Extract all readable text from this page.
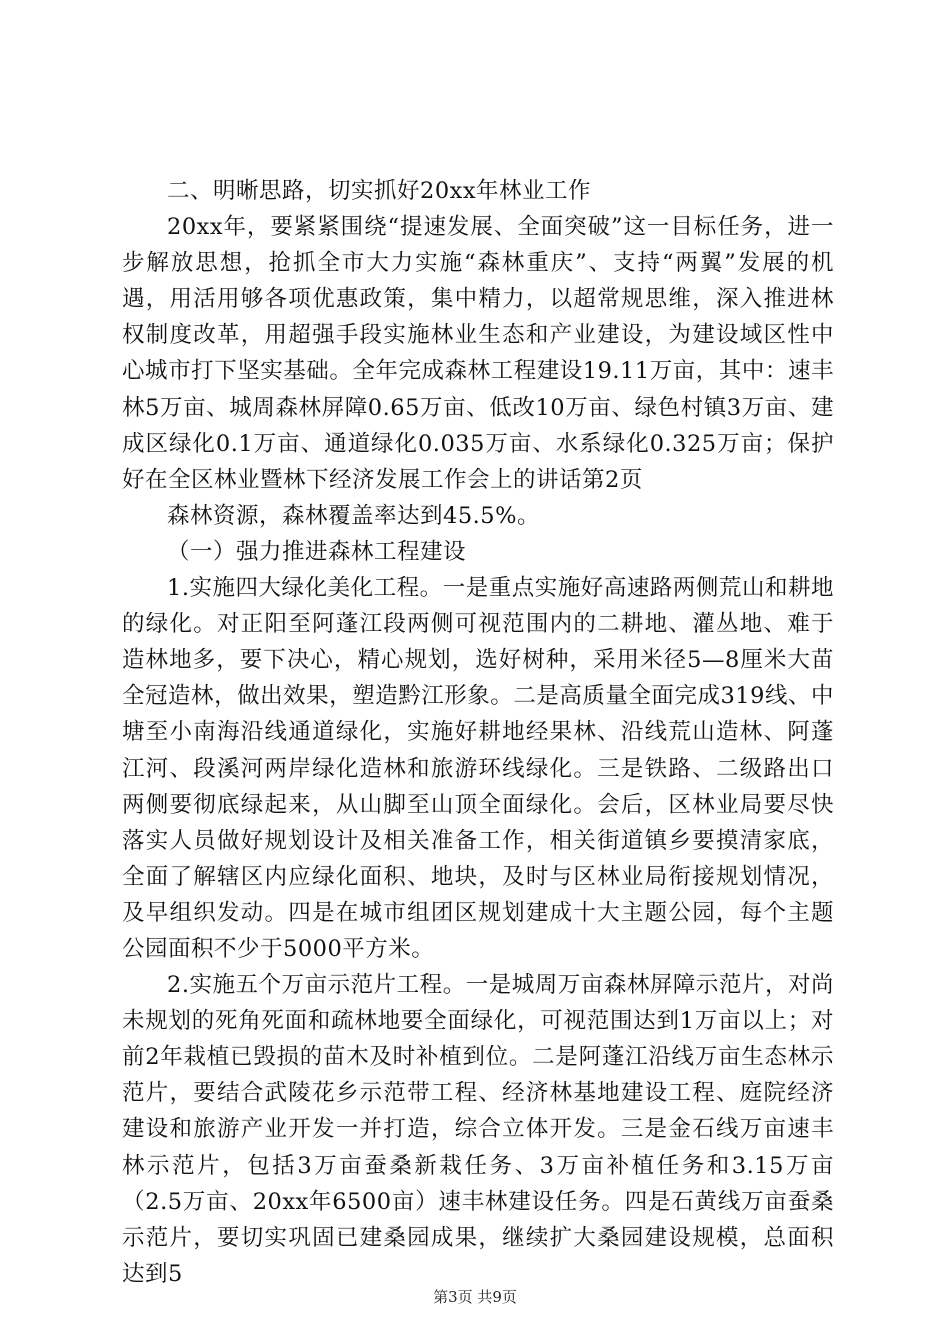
二、明晰思路，切实抓好20xx年林业工作

20xx年，要紧紧围绕“提速发展、全面突破”这一目标任务，进一步解放思想，抢抓全市大力实施“森林重庆”、支持“两翼”发展的机遇，用活用够各项优惠政策，集中精力，以超常规思维，深入推进林权制度改革，用超强手段实施林业生态和产业建设，为建设域区性中心城市打下坚实基础。全年完成森林工程建设19.11万亩，其中：速丰林5万亩、城周森林屏障0.65万亩、低改10万亩、绿色村镇3万亩、建成区绿化0.1万亩、通道绿化0.035万亩、水系绿化0.325万亩；保护好在全区林业暨林下经济发展工作会上的讲话第2页

森林资源，森林覆盖率达到45.5%。

（一）强力推进森林工程建设

1.实施四大绿化美化工程。一是重点实施好高速路两侧荒山和耕地的绿化。对正阳至阿蓬江段两侧可视范围内的二耕地、灌丛地、难于造林地多，要下决心，精心规划，选好树种，采用米径5—8厘米大苗全冠造林，做出效果，塑造黔江形象。二是高质量全面完成319线、中塘至小南海沿线通道绿化，实施好耕地经果林、沿线荒山造林、阿蓬江河、段溪河两岸绿化造林和旅游环线绿化。三是铁路、二级路出口两侧要彻底绿起来，从山脚至山顶全面绿化。会后，区林业局要尽快落实人员做好规划设计及相关准备工作，相关街道镇乡要摸清家底，全面了解辖区内应绿化面积、地块，及时与区林业局衔接规划情况，及早组织发动。四是在城市组团区规划建成十大主题公园，每个主题公园面积不少于5000平方米。

2.实施五个万亩示范片工程。一是城周万亩森林屏障示范片，对尚未规划的死角死面和疏林地要全面绿化，可视范围达到1万亩以上；对前2年栽植已毁损的苗木及时补植到位。二是阿蓬江沿线万亩生态林示范片，要结合武陵花乡示范带工程、经济林基地建设工程、庭院经济建设和旅游产业开发一并打造，综合立体开发。三是金石线万亩速丰林示范片，包括3万亩蚕桑新栽任务、3万亩补植任务和3.15万亩（2.5万亩、20xx年6500亩）速丰林建设任务。四是石黄线万亩蚕桑示范片，要切实巩固已建桑园成果，继续扩大桑园建设规模，总面积达到5

第3页 共9页
